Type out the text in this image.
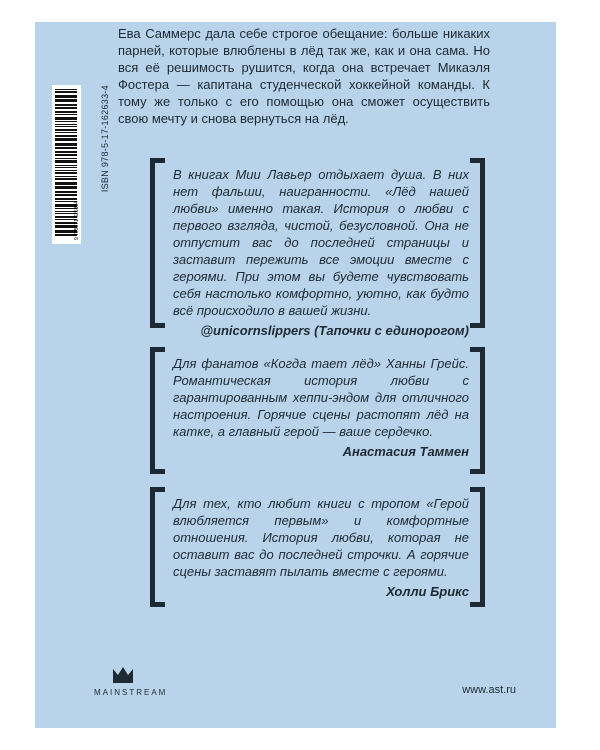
Ева Саммерс дала себе строгое обещание: больше никаких парней, которые влюблены в лёд так же, как и она сама. Но вся её решимость рушится, когда она встречает Микаэля Фостера — капитана студенческой хоккейной команды. К тому же только с его помощью она сможет осуществить свою мечту и снова вернуться на лёд.

9 785171 626334
ISBN 978-5-17-162633-4	В книгах Мии Лавьер отдыхает душа. В них нет фальши, наигранности. «Лёд нашей любви» именно такая. История о любви с первого взгляда, чистой, безусловной. Она не отпустит вас до последней страницы и заставит пережить все эмоции вместе с героями. При этом вы будете чувствовать себя настолько комфортно, уютно, как будто всё происходило в вашей жизни.

@unicornslippers (Тапочки с единорогом)

Для фанатов «Когда тает лёд» Ханны Грейс. Романтическая история любви с гарантированным хеппи-эндом для отличного настроения. Горячие сцены растопят лёд на катке, а главный герой — ваше сердечко.

Анастасия Таммен

Для тех, кто любит книги с тропом «Герой влюбляется первым» и комфортные отношения. История любви, которая не оставит вас до последней строчки. А горячие сцены заставят пылать вместе с героями.

Холли Брикс
MAINSTREAM	www.ast.ru
